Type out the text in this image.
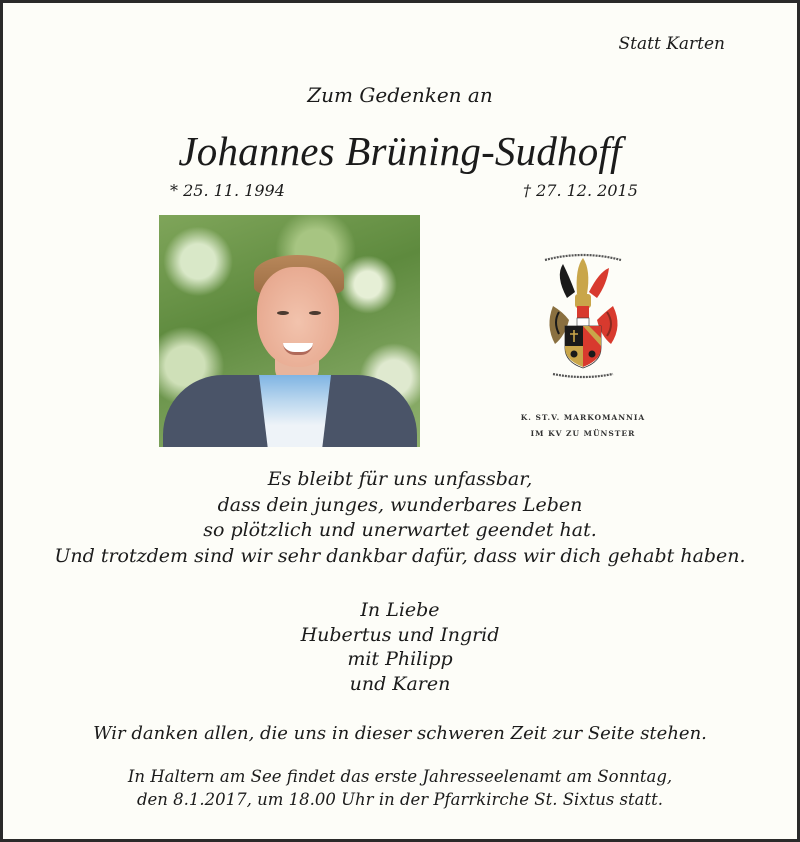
Statt Karten
Zum Gedenken an
Johannes Brüning-Sudhoff
* 25. 11. 1994	† 27. 12. 2015
K. ST.V. MARKOMANNIA
IM KV ZU MÜNSTER
Es bleibt für uns unfassbar,
dass dein junges, wunderbares Leben
so plötzlich und unerwartet geendet hat.
Und trotzdem sind wir sehr dankbar dafür, dass wir dich gehabt haben.
In Liebe
Hubertus und Ingrid
mit Philipp
und Karen
Wir danken allen, die uns in dieser schweren Zeit zur Seite stehen.
In Haltern am See findet das erste Jahresseelenamt am Sonntag,
den 8.1.2017, um 18.00 Uhr in der Pfarrkirche St. Sixtus statt.
